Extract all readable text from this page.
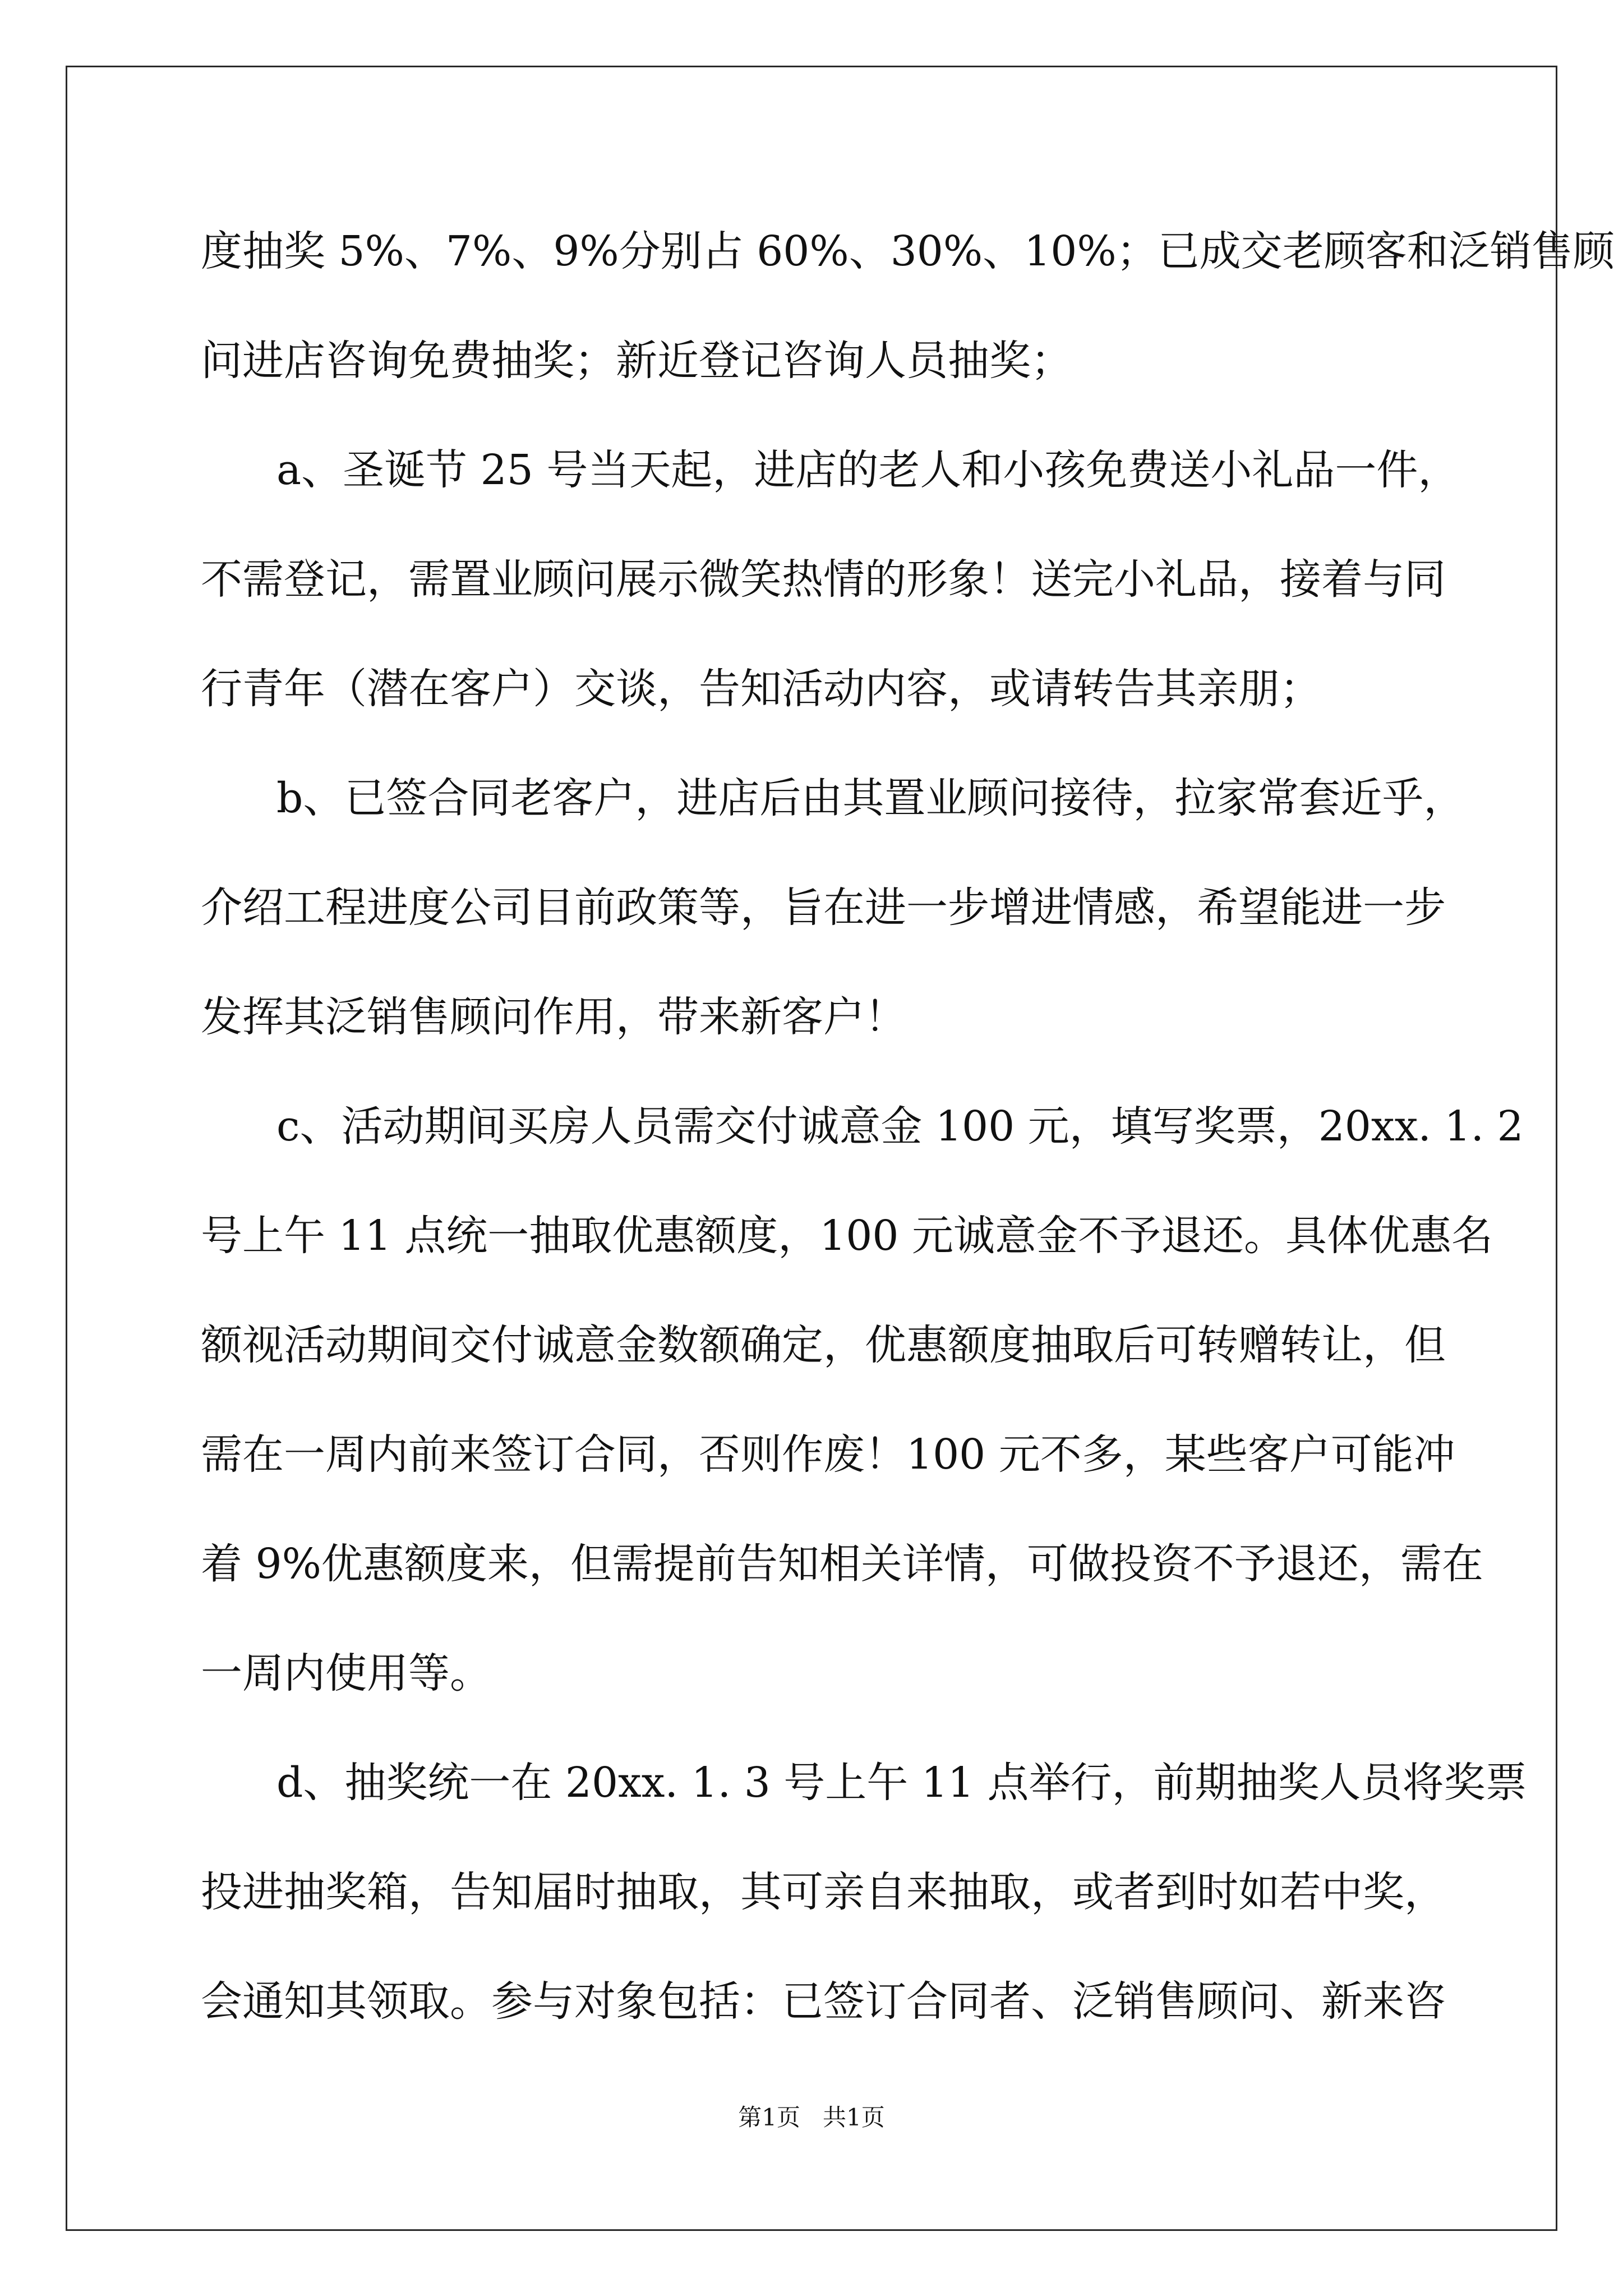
度抽奖 5%、7%、9%分别占 60%、30%、10%；已成交老顾客和泛销售顾
问进店咨询免费抽奖；新近登记咨询人员抽奖；
a、圣诞节 25 号当天起，进店的老人和小孩免费送小礼品一件，
不需登记，需置业顾问展示微笑热情的形象！送完小礼品，接着与同
行青年（潜在客户）交谈，告知活动内容，或请转告其亲朋；
b、已签合同老客户，进店后由其置业顾问接待，拉家常套近乎，
介绍工程进度公司目前政策等，旨在进一步增进情感，希望能进一步
发挥其泛销售顾问作用，带来新客户！
c、活动期间买房人员需交付诚意金 100 元，填写奖票，20xx. 1. 2
号上午 11 点统一抽取优惠额度，100 元诚意金不予退还。具体优惠名
额视活动期间交付诚意金数额确定，优惠额度抽取后可转赠转让，但
需在一周内前来签订合同，否则作废！100 元不多，某些客户可能冲
着 9%优惠额度来，但需提前告知相关详情，可做投资不予退还，需在
一周内使用等。
d、抽奖统一在 20xx. 1. 3 号上午 11 点举行，前期抽奖人员将奖票
投进抽奖箱，告知届时抽取，其可亲自来抽取，或者到时如若中奖，
会通知其领取。参与对象包括：已签订合同者、泛销售顾问、新来咨
第1页   共1页
